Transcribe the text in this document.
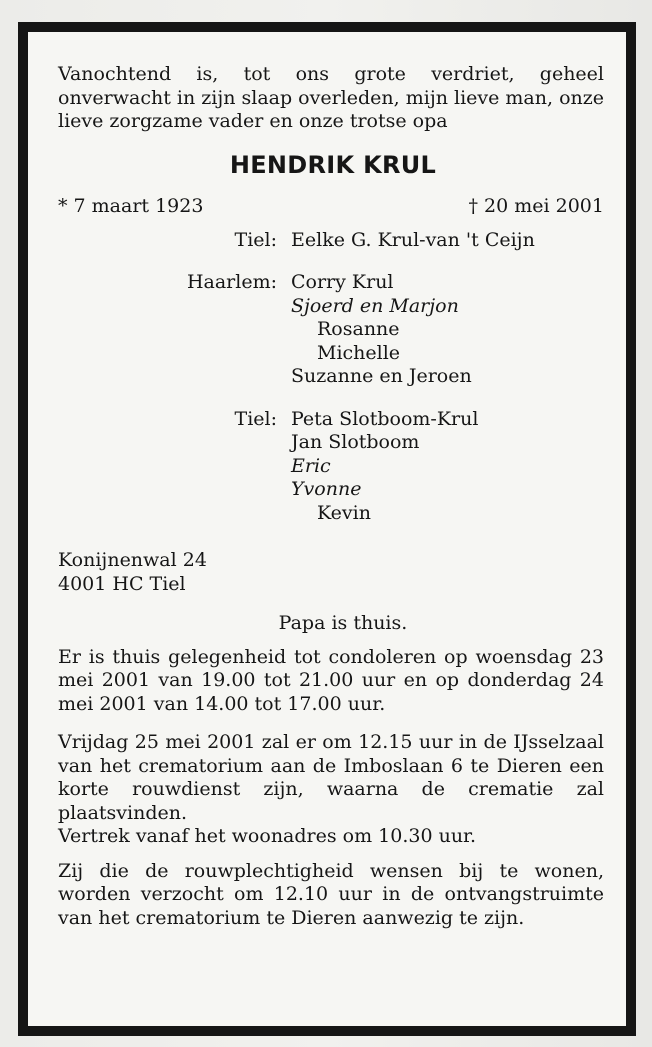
Vanochtend is, tot ons grote verdriet, geheel onverwacht in zijn slaap overleden, mijn lieve man, onze lieve zorgzame vader en onze trotse opa

HENDRIK KRUL
* 7 maart 1923	† 20 mei 2001
Tiel: Eelke G. Krul-van 't Ceijn
Haarlem: Corry Krul
Sjoerd en Marjon
Rosanne
Michelle
Suzanne en Jeroen
Tiel: Peta Slotboom-Krul
Jan Slotboom
Eric
Yvonne
Kevin
Konijnenwal 24
4001 HC Tiel
Papa is thuis.

Er is thuis gelegenheid tot condoleren op woensdag 23 mei 2001 van 19.00 tot 21.00 uur en op donderdag 24 mei 2001 van 14.00 tot 17.00 uur.

Vrijdag 25 mei 2001 zal er om 12.15 uur in de IJsselzaal van het crematorium aan de Imboslaan 6 te Dieren een korte rouwdienst zijn, waarna de crematie zal plaatsvinden.

Vertrek vanaf het woonadres om 10.30 uur.

Zij die de rouwplechtigheid wensen bij te wonen, worden verzocht om 12.10 uur in de ontvangstruimte van het crematorium te Dieren aanwezig te zijn.
